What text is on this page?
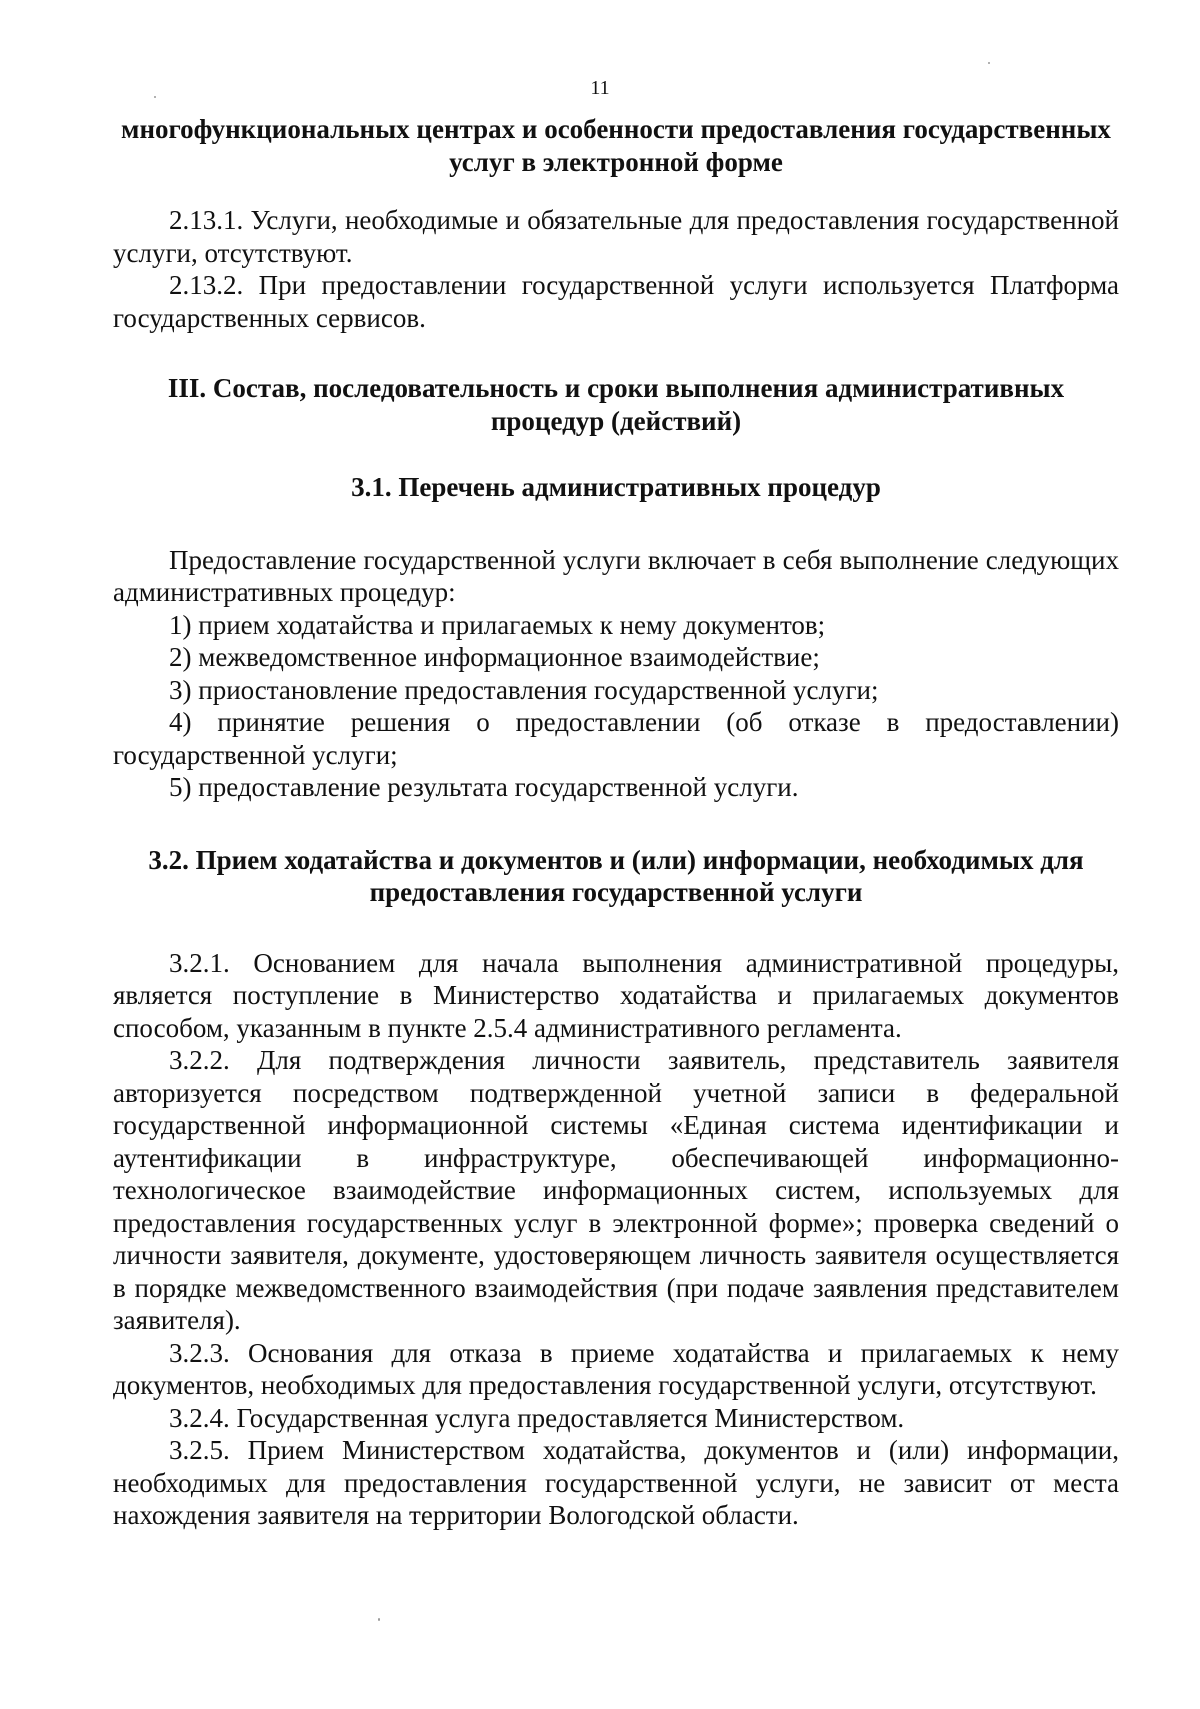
11

многофункциональных центрах и особенности предоставления государственных услуг в электронной форме

2.13.1. Услуги, необходимые и обязательные для предоставления государственной услуги, отсутствуют.

2.13.2. При предоставлении государственной услуги используется Платформа государственных сервисов.

III. Состав, последовательность и сроки выполнения административных процедур (действий)

3.1. Перечень административных процедур

Предоставление государственной услуги включает в себя выполнение следующих административных процедур:

1) прием ходатайства и прилагаемых к нему документов;

2) межведомственное информационное взаимодействие;

3) приостановление предоставления государственной услуги;

4) принятие решения о предоставлении (об отказе в предоставлении) государственной услуги;

5) предоставление результата государственной услуги.

3.2. Прием ходатайства и документов и (или) информации, необходимых для предоставления государственной услуги

3.2.1. Основанием для начала выполнения административной процедуры, является поступление в Министерство ходатайства и прилагаемых документов способом, указанным в пункте 2.5.4 административного регламента.

3.2.2. Для подтверждения личности заявитель, представитель заявителя авторизуется посредством подтвержденной учетной записи в федеральной государственной информационной системы «Единая система идентификации и аутентификации в инфраструктуре, обеспечивающей информационно-технологическое взаимодействие информационных систем, используемых для предоставления государственных услуг в электронной форме»; проверка сведений о личности заявителя, документе, удостоверяющем личность заявителя осуществляется в порядке межведомственного взаимодействия (при подаче заявления представителем заявителя).

3.2.3. Основания для отказа в приеме ходатайства и прилагаемых к нему документов, необходимых для предоставления государственной услуги, отсутствуют.

3.2.4. Государственная услуга предоставляется Министерством.

3.2.5. Прием Министерством ходатайства, документов и (или) информации, необходимых для предоставления государственной услуги, не зависит от места нахождения заявителя на территории Вологодской области.
